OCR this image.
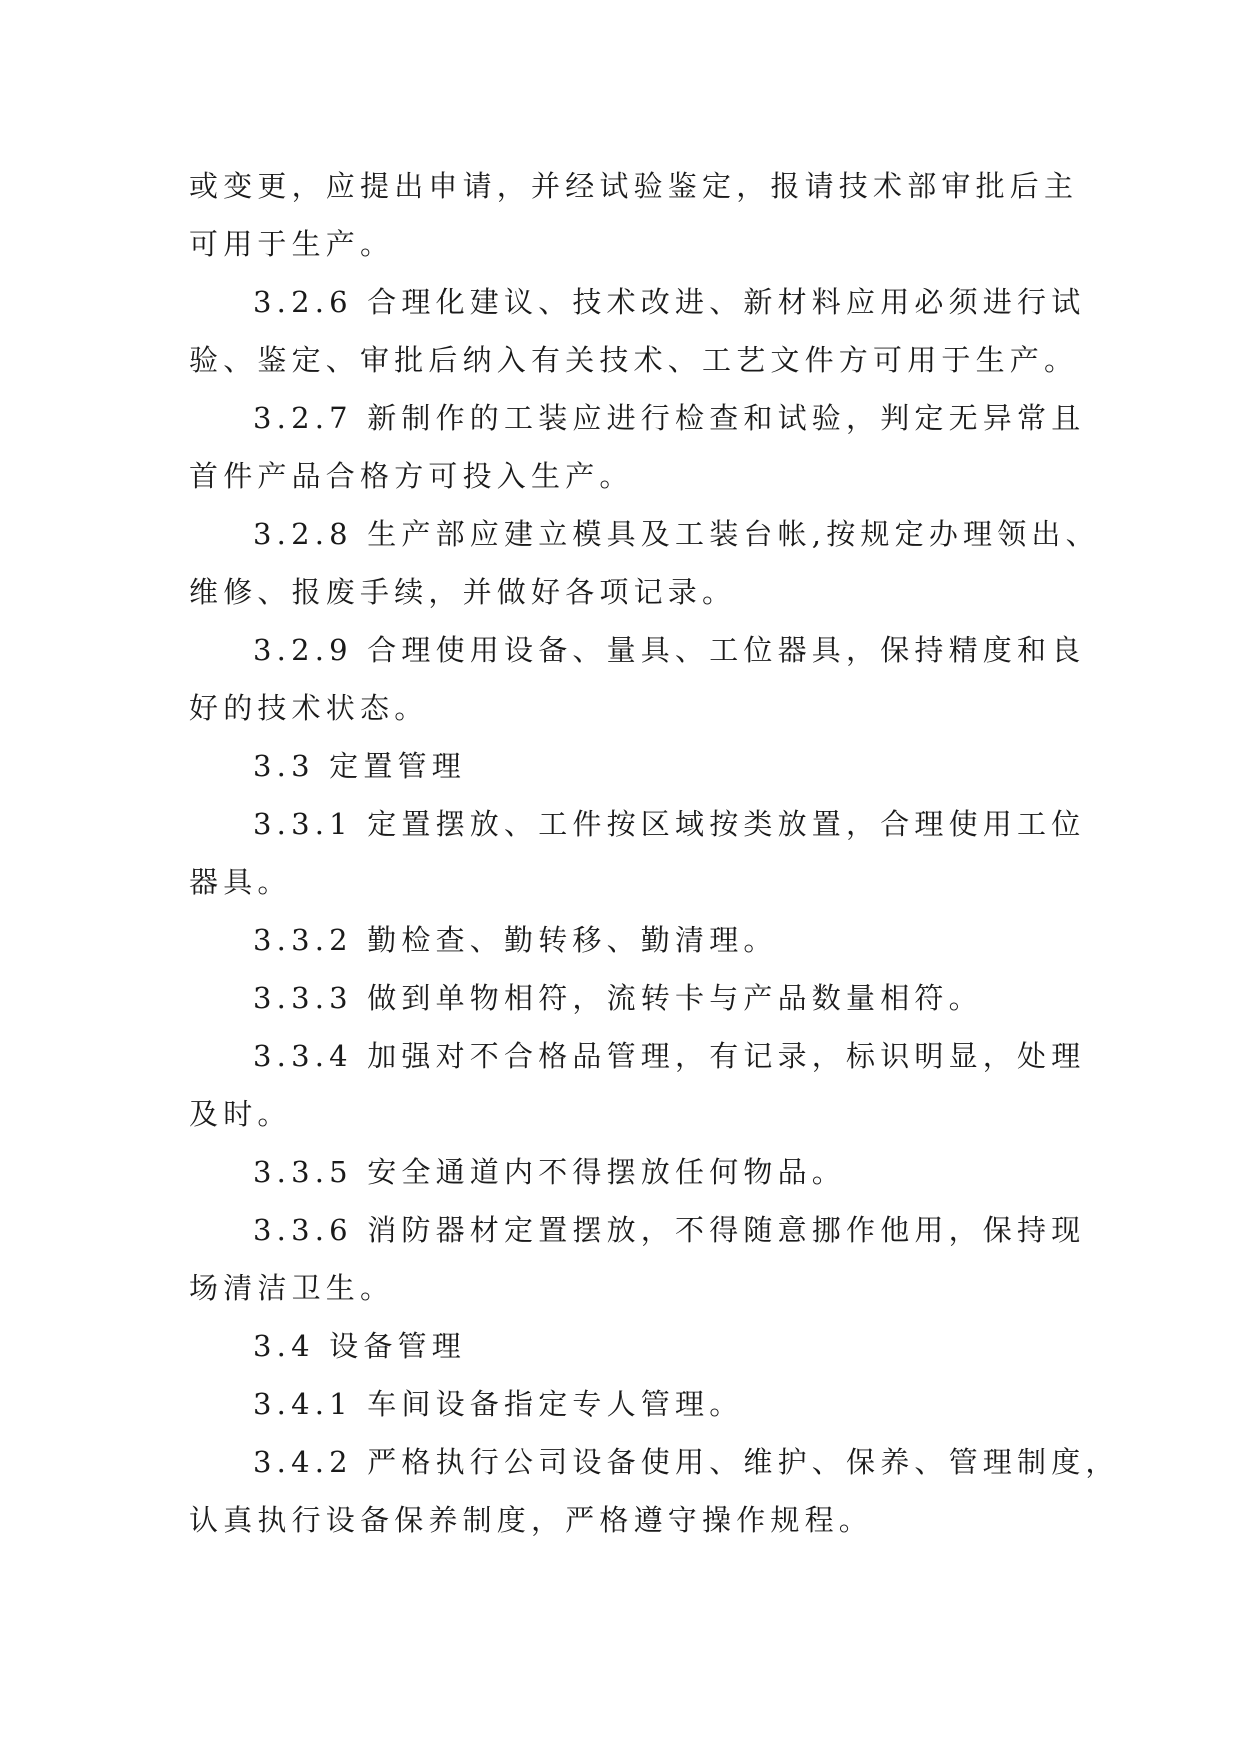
或变更，应提出申请，并经试验鉴定，报请技术部审批后主
可用于生产。
3.2.6 合理化建议、技术改进、新材料应用必须进行试
验、鉴定、审批后纳入有关技术、工艺文件方可用于生产。
3.2.7 新制作的工装应进行检查和试验，判定无异常且
首件产品合格方可投入生产。
3.2.8 生产部应建立模具及工装台帐,按规定办理领出、
维修、报废手续，并做好各项记录。
3.2.9 合理使用设备、量具、工位器具，保持精度和良
好的技术状态。
3.3 定置管理
3.3.1 定置摆放、工件按区域按类放置，合理使用工位
器具。
3.3.2 勤检查、勤转移、勤清理。
3.3.3 做到单物相符，流转卡与产品数量相符。
3.3.4 加强对不合格品管理，有记录，标识明显，处理
及时。
3.3.5 安全通道内不得摆放任何物品。
3.3.6 消防器材定置摆放，不得随意挪作他用，保持现
场清洁卫生。
3.4 设备管理
3.4.1 车间设备指定专人管理。
3.4.2 严格执行公司设备使用、维护、保养、管理制度，
认真执行设备保养制度，严格遵守操作规程。
